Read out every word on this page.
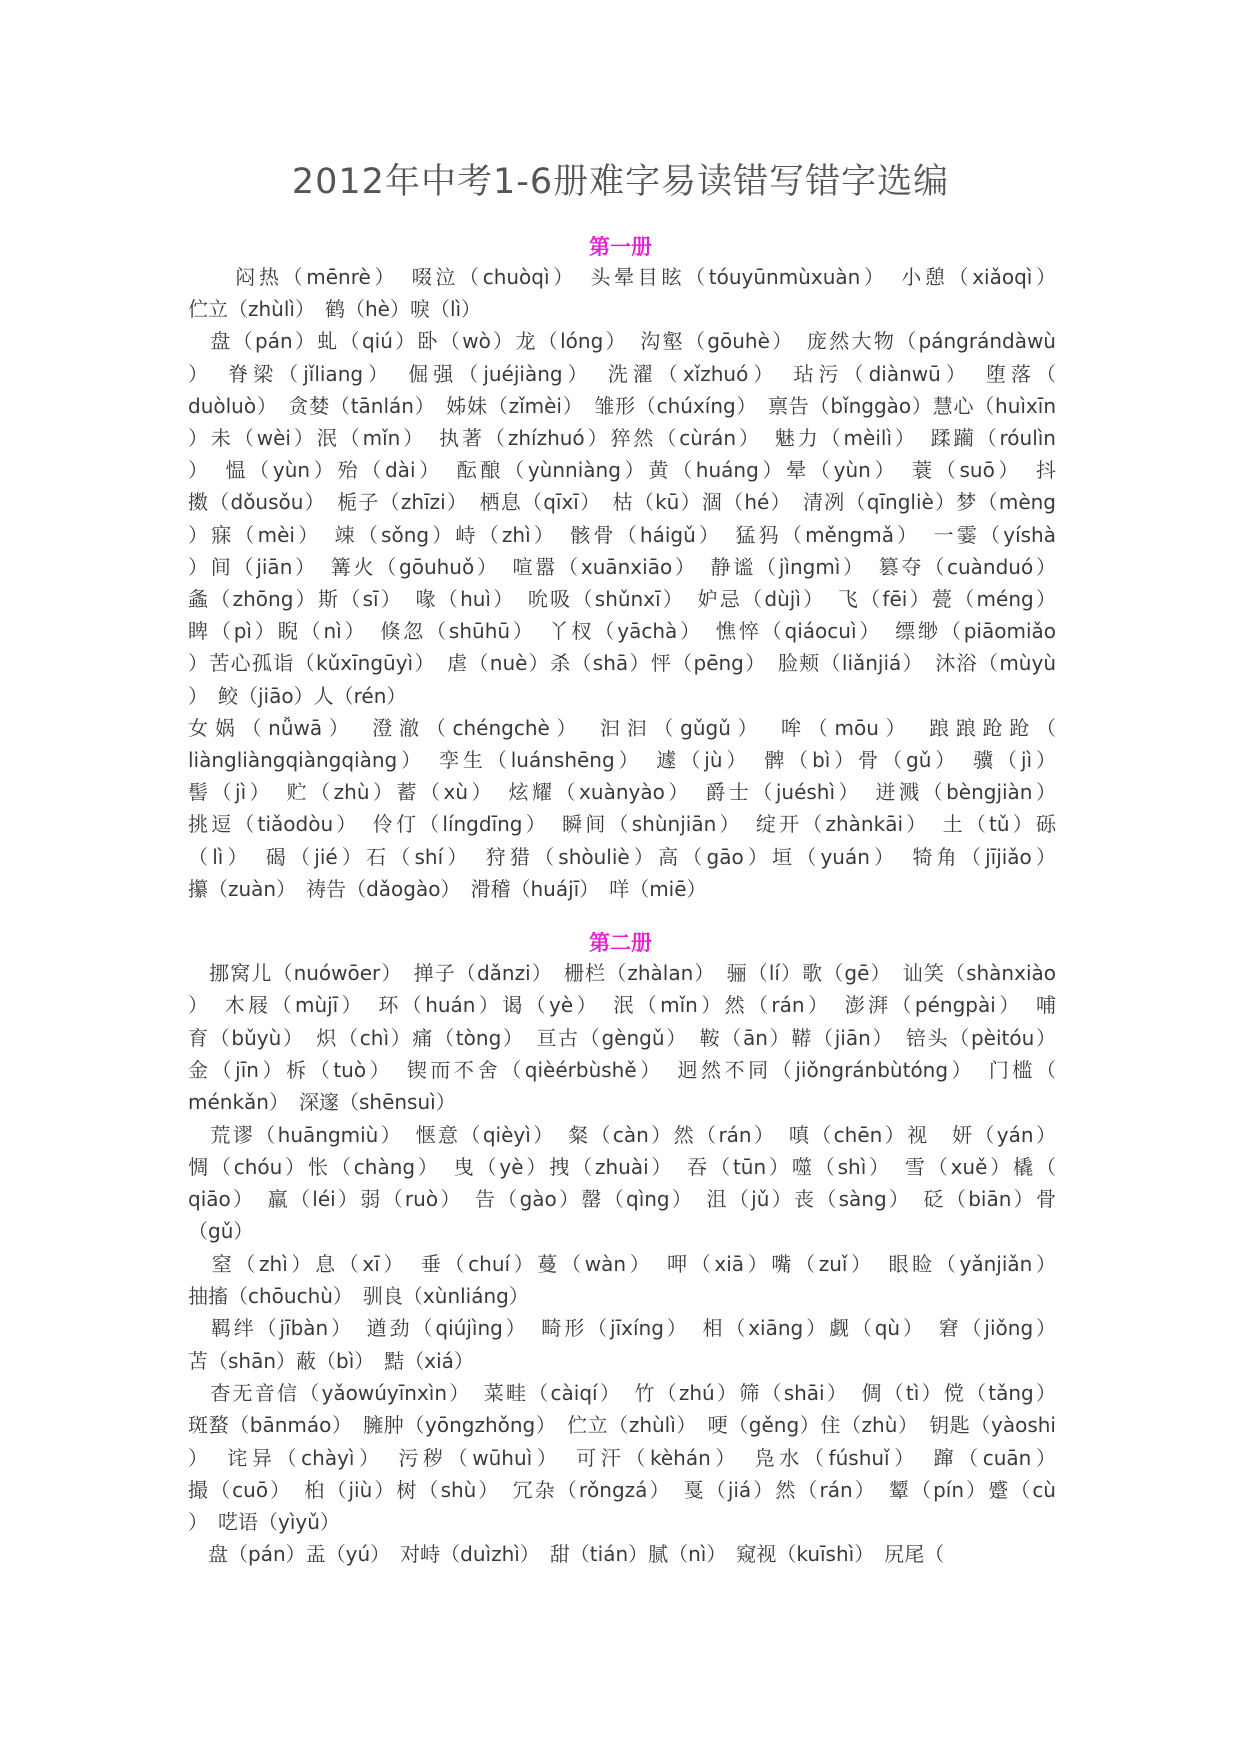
2012年中考1-6册难字易读错写错字选编
第一册
　　闷热（mēnrè）　啜泣（chuòqì）　头晕目眩（tóuyūnmùxuàn）　小憩（xiǎoqì）
伫立（zhùlì）　鹤（hè）唳（lì）
　盘（pán）虬（qiú）卧（wò）龙（lóng）　沟壑（gōuhè）　庞然大物（pángrándàwù
）　脊梁（jǐliang）　倔强（juéjiàng）　洗濯（xǐzhuó）　玷污（diànwū）　堕落（
duòluò）　贪婪（tānlán）　姊妹（zǐmèi）　雏形（chúxíng）　禀告（bǐnggào）慧心（huìxīn
）未（wèi）泯（mǐn）　执著（zhízhuó）猝然（cùrán）　魅力（mèilì）　蹂躏（róulìn
）　愠（yùn）殆（dài）　酝酿（yùnniàng）黄（huáng）晕（yùn）　蓑（suō）　抖
擞（dǒusǒu）　栀子（zhīzi）　栖息（qīxī）　枯（kū）涸（hé）　清冽（qīngliè）梦（mèng
）寐（mèi）　竦（sǒng）峙（zhì）　骸骨（háigǔ）　猛犸（měngmǎ）　一霎（yíshà
）间（jiān）　篝火（gōuhuǒ）　喧嚣（xuānxiāo）　静谧（jìngmì）　篡夺（cuànduó）
螽（zhōng）斯（sī）　喙（huì）　吮吸（shǔnxī）　妒忌（dùjì）　飞（fēi）甍（méng）
睥（pì）睨（nì）　倏忽（shūhū）　丫杈（yāchà）　憔悴（qiáocuì）　缥缈（piāomiǎo
）苦心孤诣（kǔxīngūyì）　虐（nuè）杀（shā）怦（pēng）　脸颊（liǎnjiá）　沐浴（mùyù
）　鲛（jiāo）人（rén）
女娲（nǚwā）　澄澈（chéngchè）　汩汩（gǔgǔ）　哞（mōu）　踉踉跄跄（
liàngliàngqiàngqiàng）　孪生（luánshēng）　遽（jù）　髀（bì）骨（gǔ）　骥（jì）
髻（jì）　贮（zhù）蓄（xù）　炫耀（xuànyào）　爵士（juéshì）　迸溅（bèngjiàn）
挑逗（tiǎodòu）　伶仃（língdīng）　瞬间（shùnjiān）　绽开（zhànkāi）　土（tǔ）砾
（lì）　碣（jié）石（shí）　狩猎（shòuliè）高（gāo）垣（yuán）　犄角（jījiǎo）
攥（zuàn）　祷告（dǎogào）　滑稽（huájī）　咩（miē）
第二册
　挪窝儿（nuówōer）　掸子（dǎnzi）　栅栏（zhàlan）　骊（lí）歌（gē）　讪笑（shànxiào
）　木屐（mùjī）　环（huán）谒（yè）　泯（mǐn）然（rán）　澎湃（péngpài）　哺
育（bǔyù）　炽（chì）痛（tòng）　亘古（gèngǔ）　鞍（ān）鞯（jiān）　锫头（pèitóu）
金（jīn）柝（tuò）　锲而不舍（qièérbùshě）　迥然不同（jiǒngránbùtóng）　门槛（
ménkǎn）　深邃（shēnsuì）
　荒谬（huāngmiù）　惬意（qièyì）　粲（càn）然（rán）　嗔（chēn）视　妍（yán）
惆（chóu）怅（chàng）　曳（yè）拽（zhuài）　吞（tūn）噬（shì）　雪（xuě）橇（
qiāo）　羸（léi）弱（ruò）　告（gào）罄（qìng）　沮（jǔ）丧（sàng）　砭（biān）骨
（gǔ）
　窒（zhì）息（xī）　垂（chuí）蔓（wàn）　呷（xiā）嘴（zuǐ）　眼睑（yǎnjiǎn）
抽搐（chōuchù）　驯良（xùnliáng）
　羁绊（jībàn）　遒劲（qiújìng）　畸形（jīxíng）　相（xiāng）觑（qù）　窘（jiǒng）
苫（shān）蔽（bì）　黠（xiá）
　杳无音信（yǎowúyīnxìn）　菜畦（càiqí）　竹（zhú）筛（shāi）　倜（tì）傥（tǎng）
斑蝥（bānmáo）　臃肿（yōngzhǒng）　伫立（zhùlì）　哽（gěng）住（zhù）　钥匙（yàoshi
）　诧异（chàyì）　污秽（wūhuì）　可汗（kèhán）　凫水（fúshuǐ）　蹿（cuān）
撮（cuō）　桕（jiù）树（shù）　冗杂（rǒngzá）　戛（jiá）然（rán）　颦（pín）蹙（cù
）　呓语（yìyǔ）
　盘（pán）盂（yú）　对峙（duìzhì）　甜（tián）腻（nì）　窥视（kuīshì）　尻尾（
